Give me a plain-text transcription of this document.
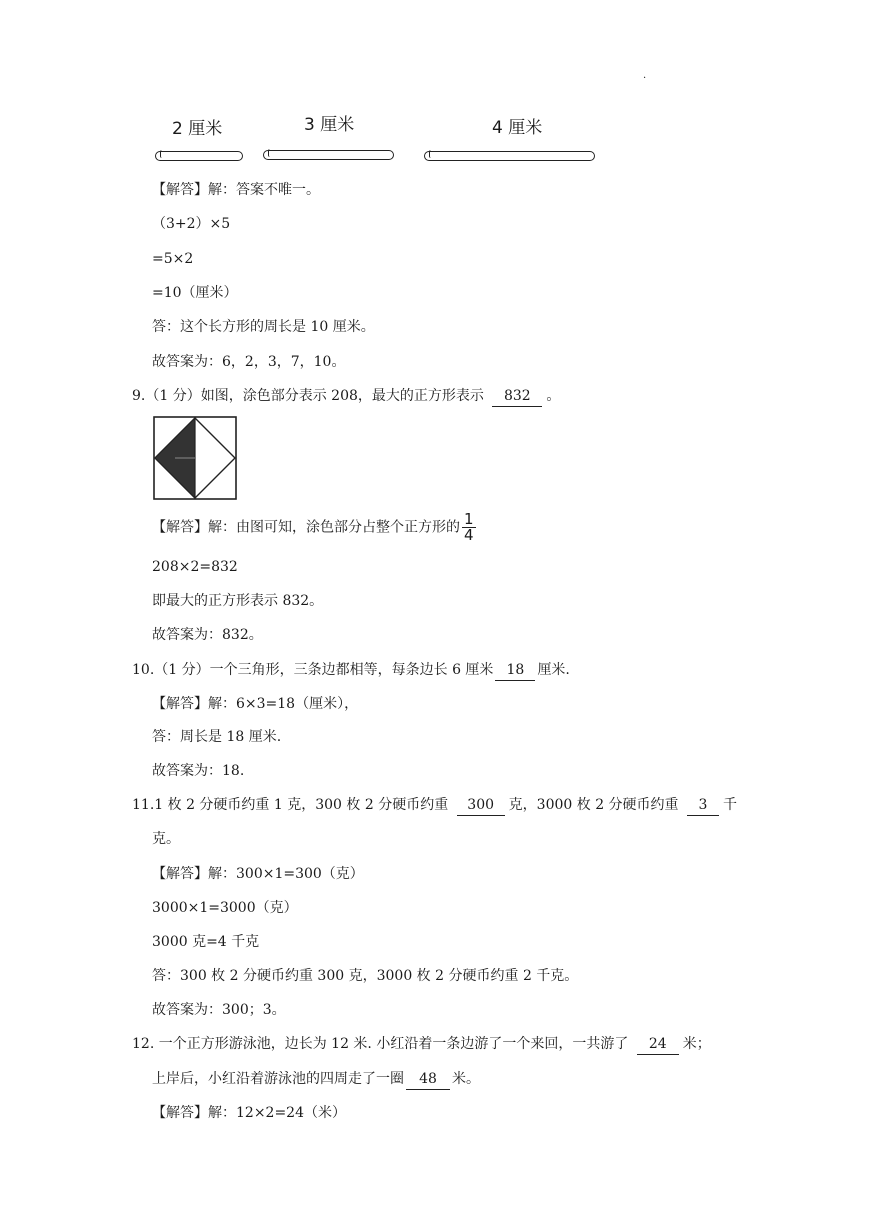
.
2 厘米	3 厘米	4 厘米
【解答】解：答案不唯一。
（3+2）×5
=5×2
=10（厘米）
答：这个长方形的周长是 10 厘米。
故答案为：6，2，3，7，10。
9.（1 分）如图，涂色部分表示 208，最大的正方形表示 832 。
【解答】解：由图可知，涂色部分占整个正方形的 $\frac{1}{4}$
208×2=832
即最大的正方形表示 832。
故答案为：832。
10.（1 分）一个三角形，三条边都相等，每条边长 6 厘米 18 厘米.
【解答】解：6×3=18（厘米），
答：周长是 18 厘米.
故答案为：18.
11.1 枚 2 分硬币约重 1 克，300 枚 2 分硬币约重 300 克，3000 枚 2 分硬币约重 3 千
克。
【解答】解：300×1=300（克）
3000×1=3000（克）
3000 克=4 千克
答：300 枚 2 分硬币约重 300 克，3000 枚 2 分硬币约重 2 千克。
故答案为：300；3。
12. 一个正方形游泳池，边长为 12 米. 小红沿着一条边游了一个来回，一共游了 24 米；
上岸后，小红沿着游泳池的四周走了一圈 48 米。
【解答】解：12×2=24（米）
